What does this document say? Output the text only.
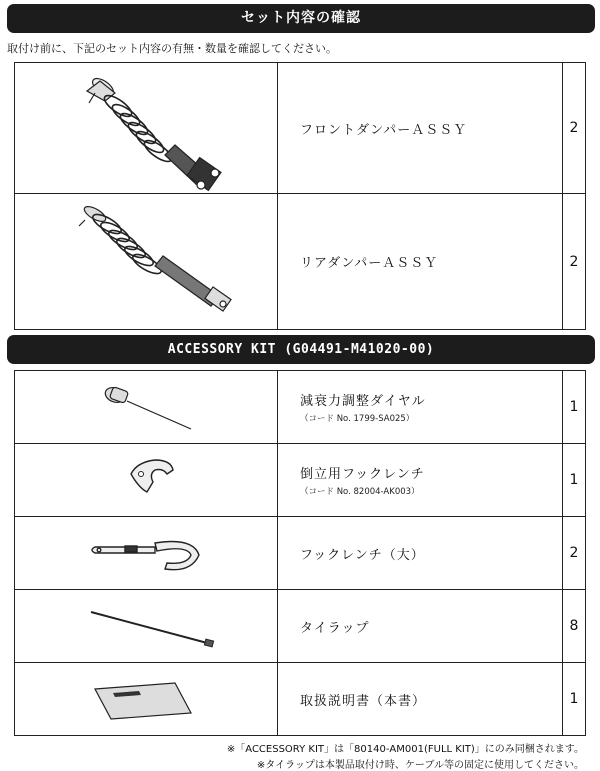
セット内容の確認
取付け前に、下記のセット内容の有無・数量を確認してください。
	フロントダンパーＡＳＳＹ	2

	リアダンパーＡＳＳＹ	2
ACCESSORY KIT (G04491-M41020-00)
	減衰力調整ダイヤル
（コード No. 1799-SA025）	1

	倒立用フックレンチ
（コード No. 82004-AK003）	1

	フックレンチ（大）	2

	タイラップ	8

	取扱説明書（本書）	1
※「ACCESSORY KIT」は「80140-AM001(FULL KIT)」にのみ同梱されます。
※タイラップは本製品取付け時、ケーブル等の固定に使用してください。
